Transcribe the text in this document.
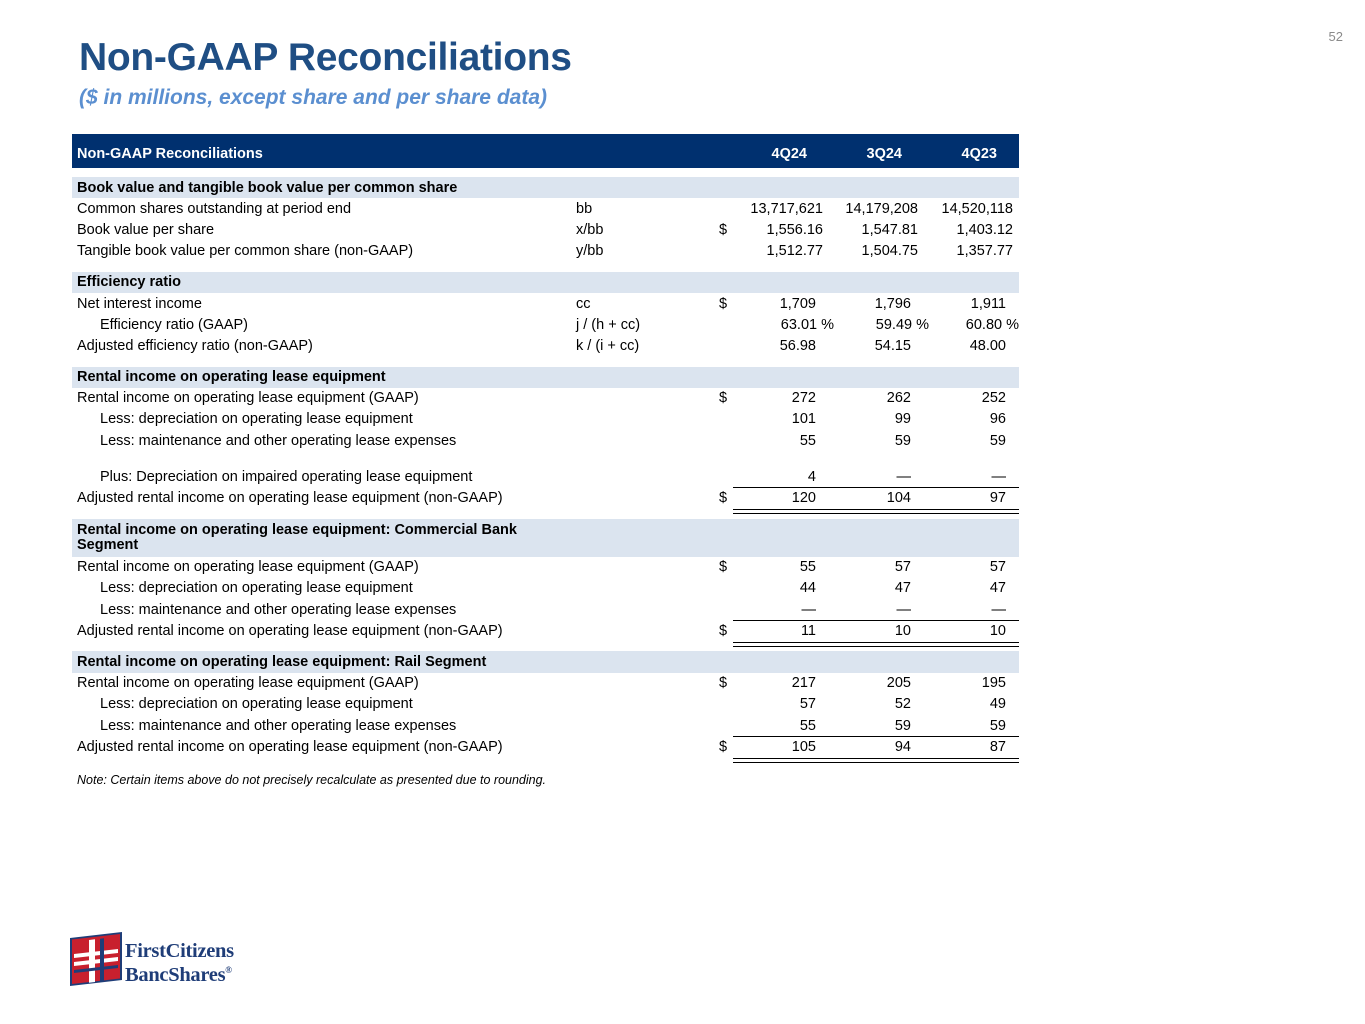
52
Non-GAAP Reconciliations
($ in millions, except share and per share data)
Non-GAAP Reconciliations	4Q24	3Q24	4Q23
Book value and tangible book value per common share
Common shares outstanding at period end	bb	13,717,621 14,179,208 14,520,118
Book value per share	x/bb	$	1,556.16	1,547.81	1,403.12
Tangible book value per common share (non-GAAP)	y/bb	1,512.77	1,504.75	1,357.77
Efficiency ratio
Net interest income	cc	$	1,709	1,796	1,911
Efficiency ratio (GAAP)	j / (h + cc)	63.01 %	59.49 %	60.80 %
Adjusted efficiency ratio (non-GAAP)	k / (i + cc)	56.98	54.15	48.00
Rental income on operating lease equipment
Rental income on operating lease equipment (GAAP)	$	272	262	252
Less: depreciation on operating lease equipment	101	99	96
Less: maintenance and other operating lease expenses	55	59	59
Plus: Depreciation on impaired operating lease equipment	4	—	—
Adjusted rental income on operating lease equipment (non-GAAP)	$	120	104	97
Rental income on operating lease equipment: Commercial Bank Segment
Rental income on operating lease equipment (GAAP)	$	55	57	57
Less: depreciation on operating lease equipment	44	47	47
Less: maintenance and other operating lease expenses	—	—	—
Adjusted rental income on operating lease equipment (non-GAAP)	$	11	10	10
Rental income on operating lease equipment: Rail Segment
Rental income on operating lease equipment (GAAP)	$	217	205	195
Less: depreciation on operating lease equipment	57	52	49
Less: maintenance and other operating lease expenses	55	59	59
Adjusted rental income on operating lease equipment (non-GAAP)	$	105	94	87

Note: Certain items above do not precisely recalculate as presented due to rounding.

FirstCitizens
BancShares®
